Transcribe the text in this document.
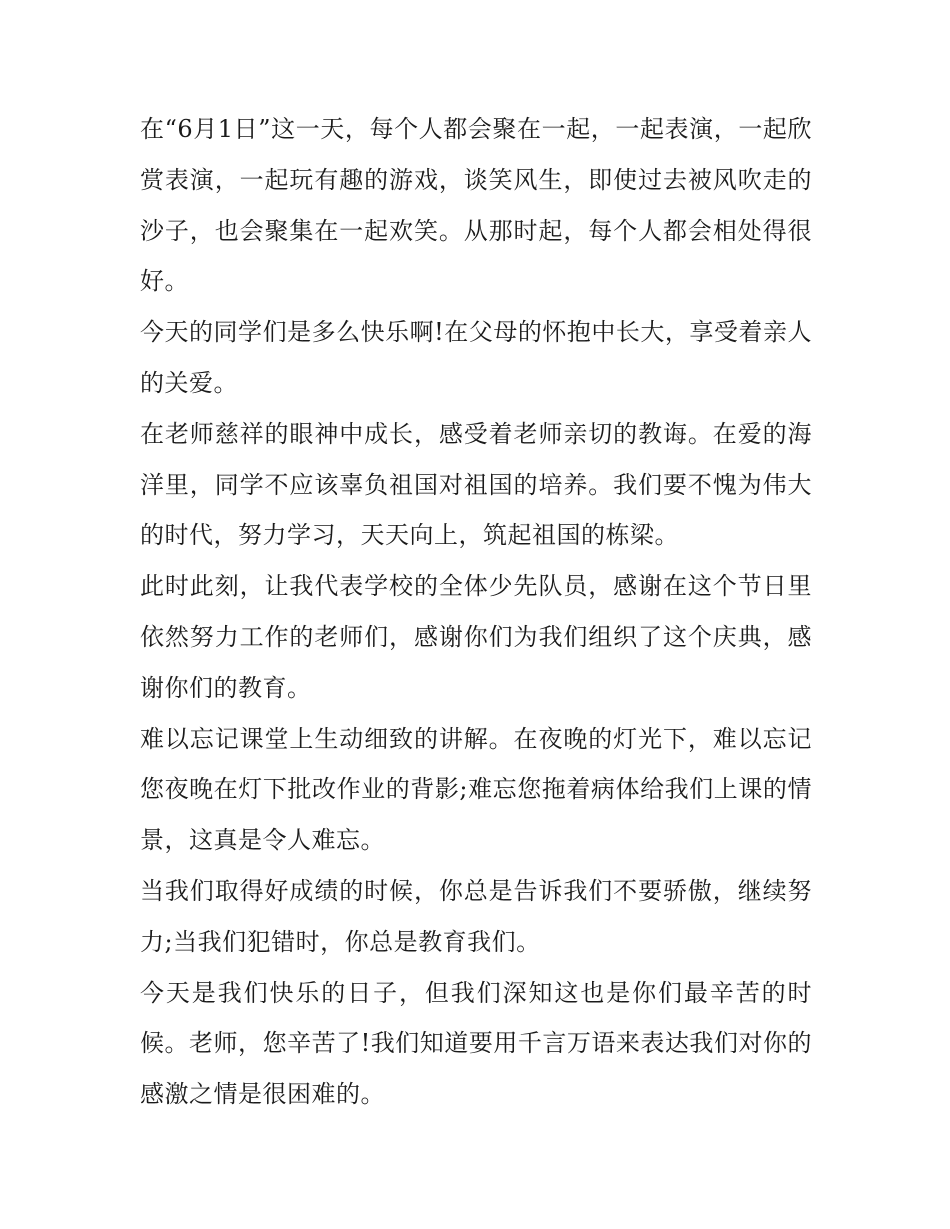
在“6月1日”这一天，每个人都会聚在一起，一起表演，一起欣赏表演，一起玩有趣的游戏，谈笑风生，即使过去被风吹走的沙子，也会聚集在一起欢笑。从那时起，每个人都会相处得很好。

今天的同学们是多么快乐啊!在父母的怀抱中长大，享受着亲人的关爱。

在老师慈祥的眼神中成长，感受着老师亲切的教诲。在爱的海洋里，同学不应该辜负祖国对祖国的培养。我们要不愧为伟大的时代，努力学习，天天向上，筑起祖国的栋梁。

此时此刻，让我代表学校的全体少先队员，感谢在这个节日里依然努力工作的老师们，感谢你们为我们组织了这个庆典，感谢你们的教育。

难以忘记课堂上生动细致的讲解。在夜晚的灯光下，难以忘记您夜晚在灯下批改作业的背影;难忘您拖着病体给我们上课的情景，这真是令人难忘。

当我们取得好成绩的时候，你总是告诉我们不要骄傲，继续努力;当我们犯错时，你总是教育我们。

今天是我们快乐的日子，但我们深知这也是你们最辛苦的时候。老师，您辛苦了!我们知道要用千言万语来表达我们对你的感激之情是很困难的。
